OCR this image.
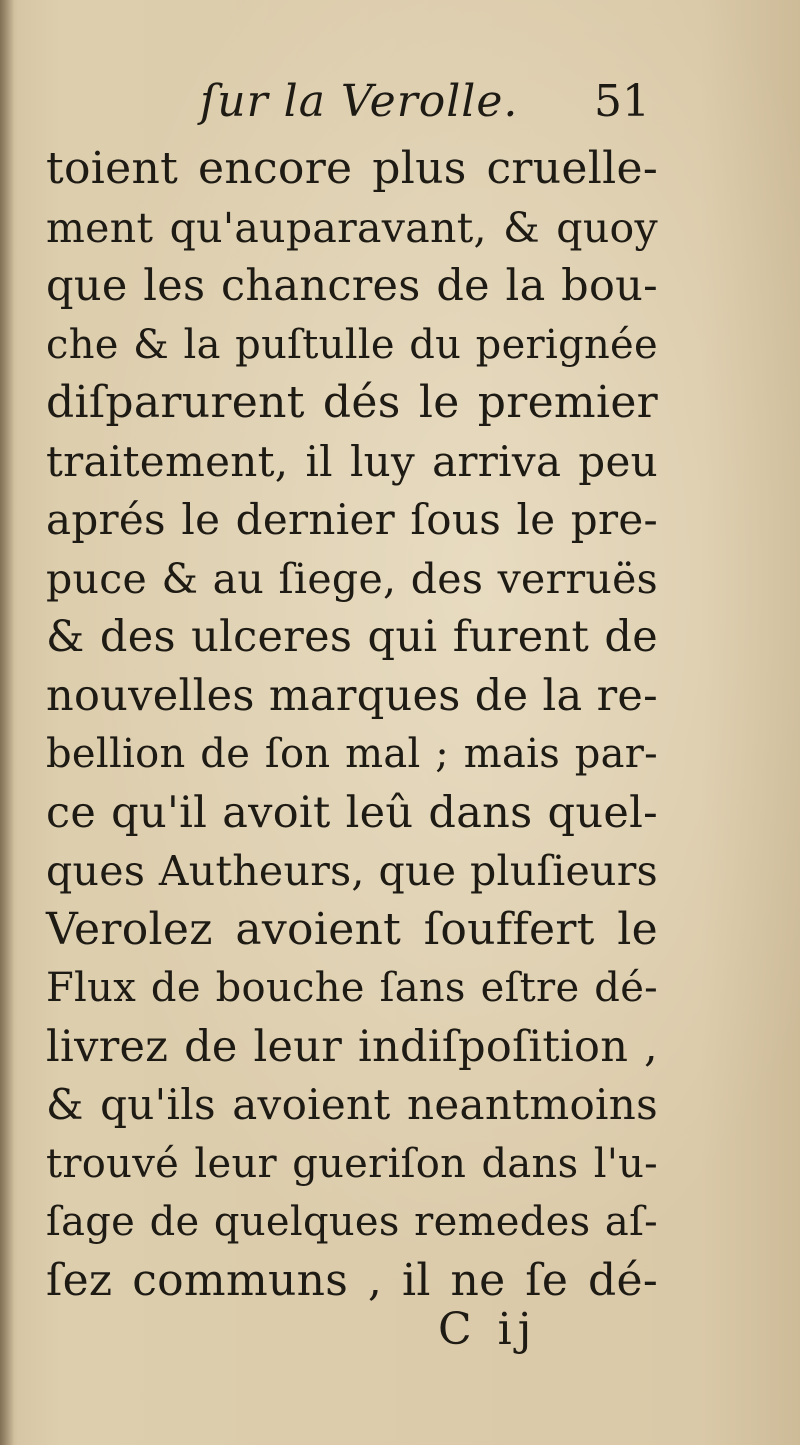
ſur la Verolle. 51
toient encore plus cruelle-
ment qu'auparavant, & quoy
que les chancres de la bou-
che & la puſtulle du perignée
diſparurent dés le premier
traitement, il luy arriva peu
aprés le dernier ſous le pre-
puce & au ſiege, des verruës
& des ulceres qui furent de
nouvelles marques de la re-
bellion de ſon mal ; mais par-
ce qu'il avoit leû dans quel-
ques Autheurs, que pluſieurs
Verolez avoient ſouffert le
Flux de bouche ſans eſtre dé-
livrez de leur indiſpoſition ,
& qu'ils avoient neantmoins
trouvé leur gueriſon dans l'u-
ſage de quelques remedes aſ-
ſez communs , il ne ſe dé-
C ij
